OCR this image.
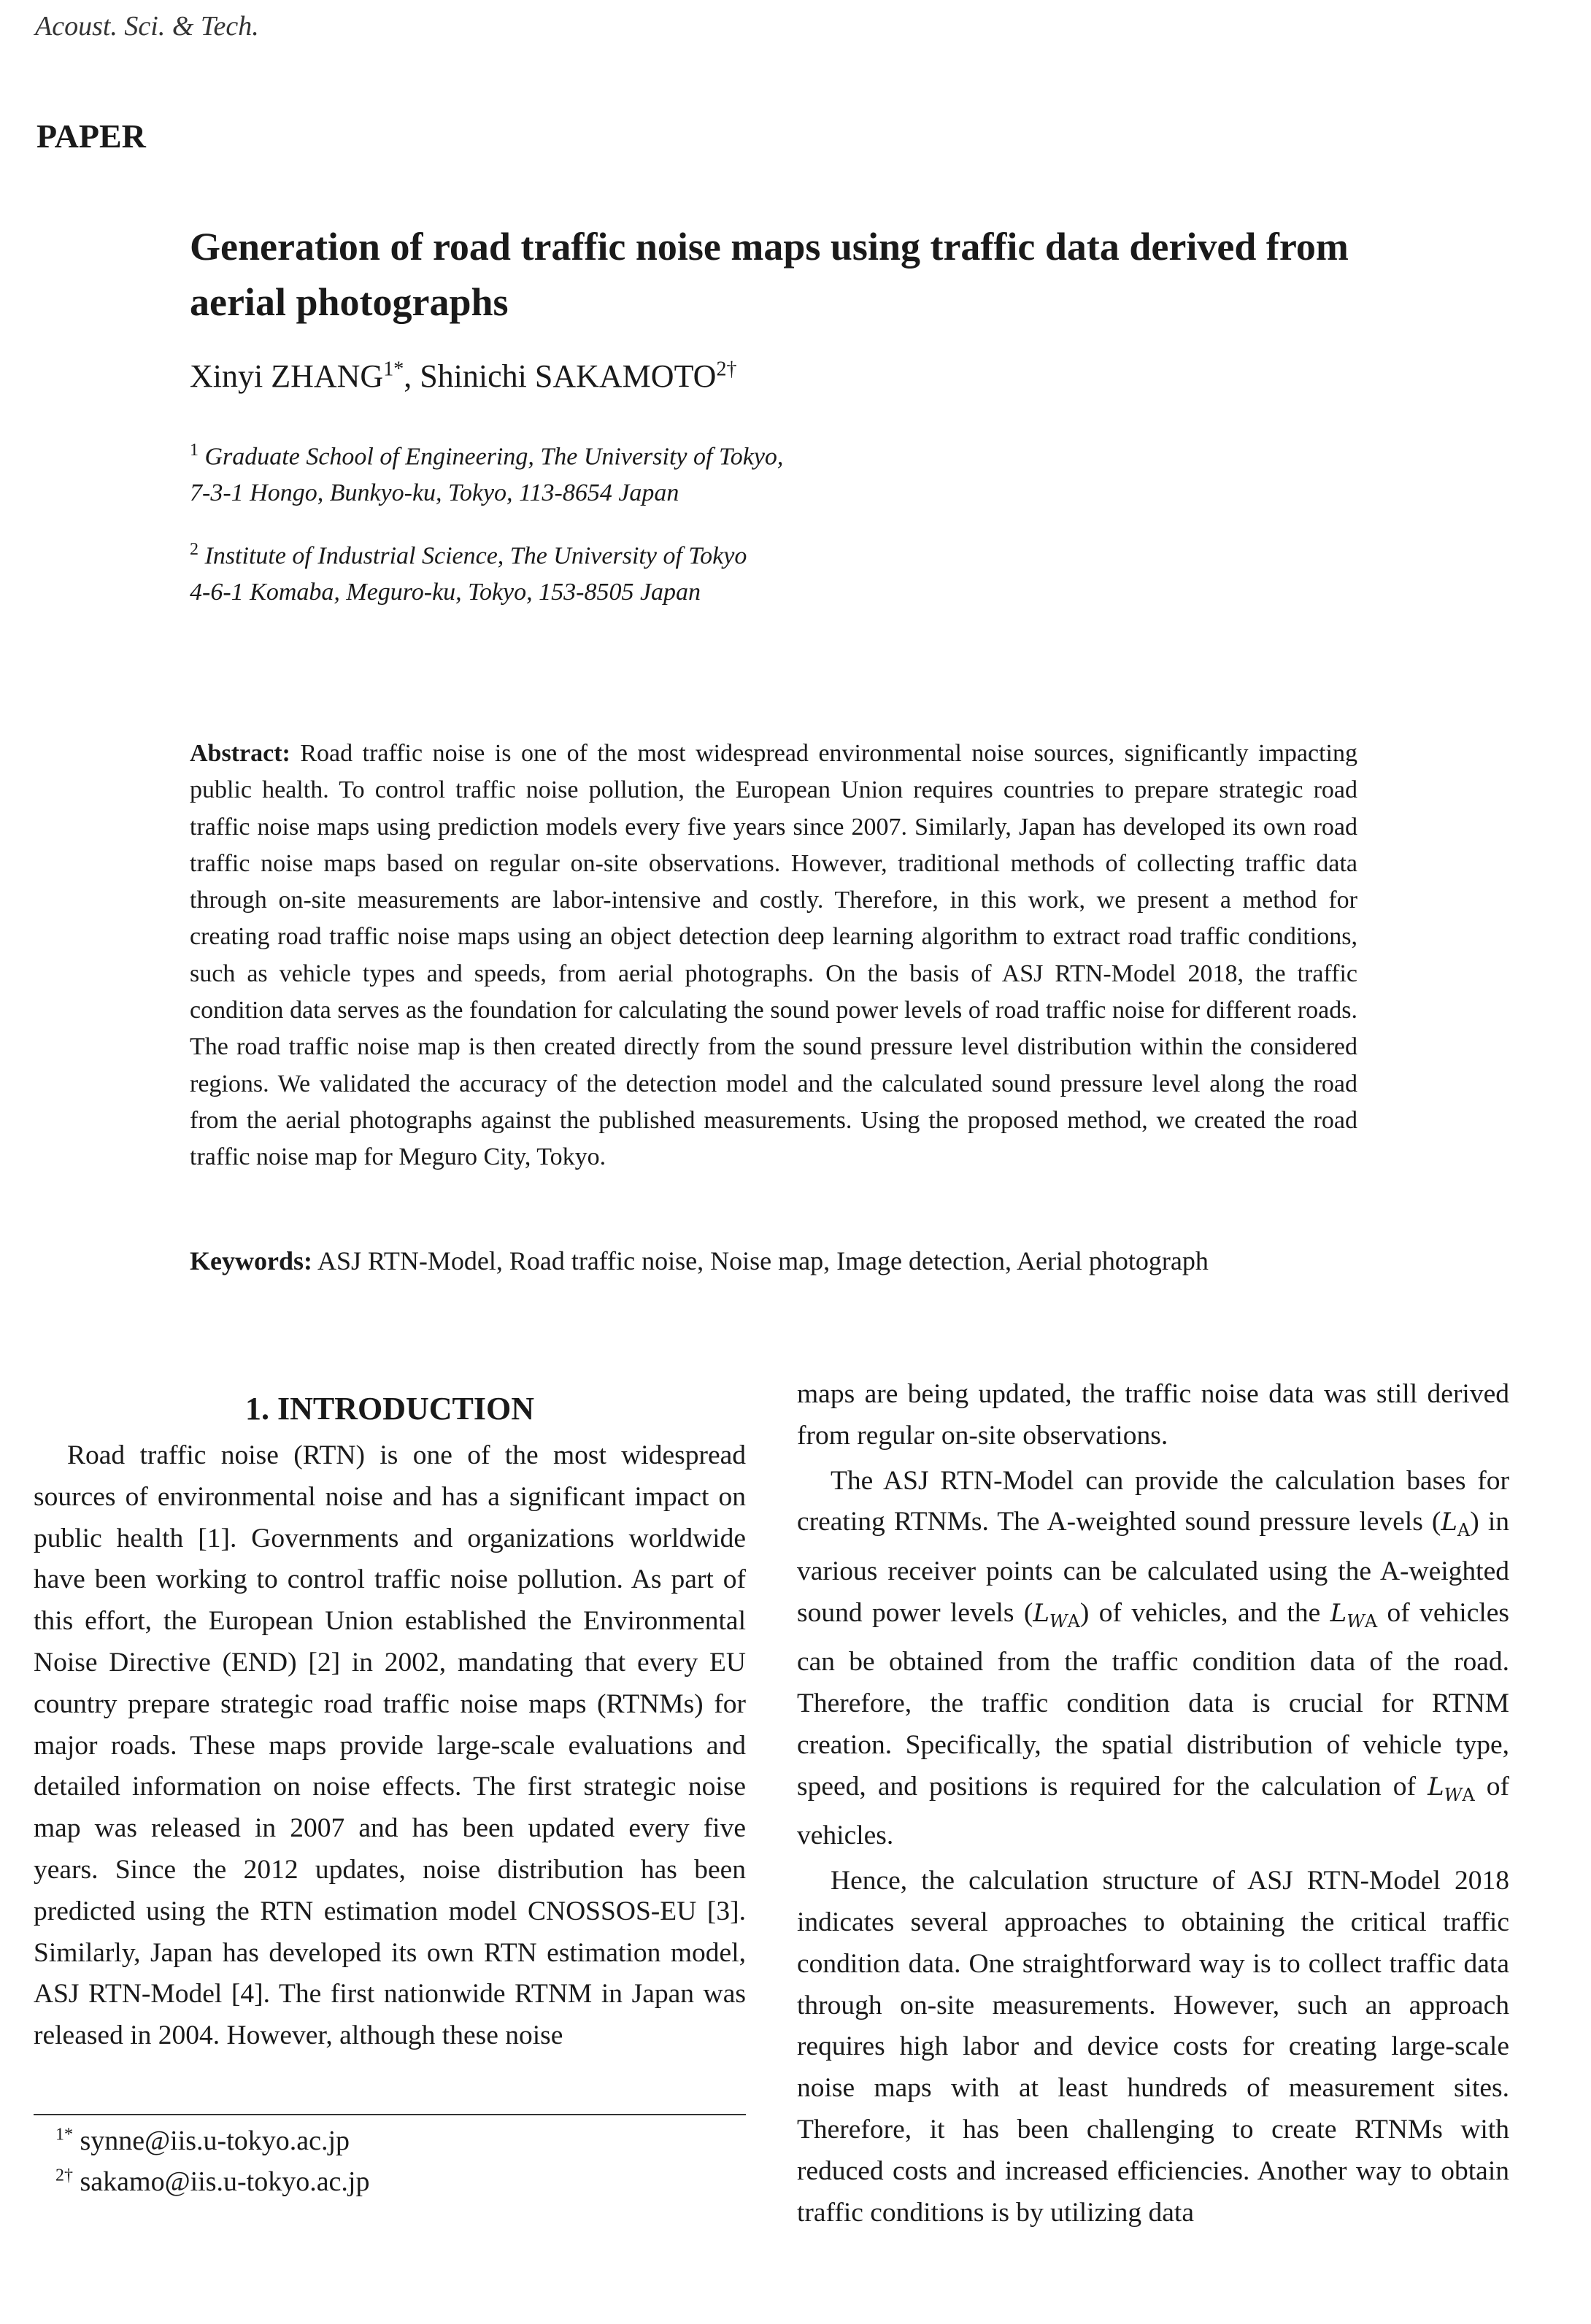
Acoust. Sci. & Tech.
PAPER
Generation of road traffic noise maps using traffic data derived from aerial photographs
Xinyi $ZHANG^{1*}$, Shinichi $SAKAMOTO^{2\dagger}$
$^1$ Graduate School of Engineering, The University of Tokyo,
7-3-1 Hongo, Bunkyo-ku, Tokyo, 113-8654 Japan
$^2$ Institute of Industrial Science, The University of Tokyo
4-6-1 Komaba, Meguro-ku, Tokyo, 153-8505 Japan
Abstract: Road traffic noise is one of the most widespread environmental noise sources, significantly impacting public health. To control traffic noise pollution, the European Union requires countries to prepare strategic road traffic noise maps using prediction models every five years since 2007. Similarly, Japan has developed its own road traffic noise maps based on regular on-site observations. However, traditional methods of collecting traffic data through on-site measurements are labor-intensive and costly. Therefore, in this work, we present a method for creating road traffic noise maps using an object detection deep learning algorithm to extract road traffic conditions, such as vehicle types and speeds, from aerial photographs. On the basis of ASJ RTN-Model 2018, the traffic condition data serves as the foundation for calculating the sound power levels of road traffic noise for different roads. The road traffic noise map is then created directly from the sound pressure level distribution within the considered regions. We validated the accuracy of the detection model and the calculated sound pressure level along the road from the aerial photographs against the published measurements. Using the proposed method, we created the road traffic noise map for Meguro City, Tokyo.
Keywords: ASJ RTN-Model, Road traffic noise, Noise map, Image detection, Aerial photograph
1. INTRODUCTION

Road traffic noise (RTN) is one of the most widespread sources of environmental noise and has a significant impact on public health [1]. Governments and organizations worldwide have been working to control traffic noise pollution. As part of this effort, the European Union established the Environmental Noise Directive (END) [2] in 2002, mandating that every EU country prepare strategic road traffic noise maps (RTNMs) for major roads. These maps provide large-scale evaluations and detailed information on noise effects. The first strategic noise map was released in 2007 and has been updated every five years. Since the 2012 updates, noise distribution has been predicted using the RTN estimation model CNOSSOS-EU [3]. Similarly, Japan has developed its own RTN estimation model, ASJ RTN-Model [4]. The first nationwide RTNM in Japan was released in 2004. However, although these noise

maps are being updated, the traffic noise data was still derived from regular on-site observations.

The ASJ RTN-Model can provide the calculation bases for creating RTNMs. The A-weighted sound pressure levels $(L_A)$ in various receiver points can be calculated using the A-weighted sound power levels $(L_{WA})$ of vehicles, and the $L_{WA}$ of vehicles can be obtained from the traffic condition data of the road. Therefore, the traffic condition data is crucial for RTNM creation. Specifically, the spatial distribution of vehicle type, speed, and positions is required for the calculation of $L_{WA}$ of vehicles.

Hence, the calculation structure of ASJ RTN-Model 2018 indicates several approaches to obtaining the critical traffic condition data. One straightforward way is to collect traffic data through on-site measurements. However, such an approach requires high labor and device costs for creating large-scale noise maps with at least hundreds of measurement sites. Therefore, it has been challenging to create RTNMs with reduced costs and increased efficiencies. Another way to obtain traffic conditions is by utilizing data

$^{1*}$ synne@iis.u-tokyo.ac.jp
$^{2\dagger}$ sakamo@iis.u-tokyo.ac.jp
